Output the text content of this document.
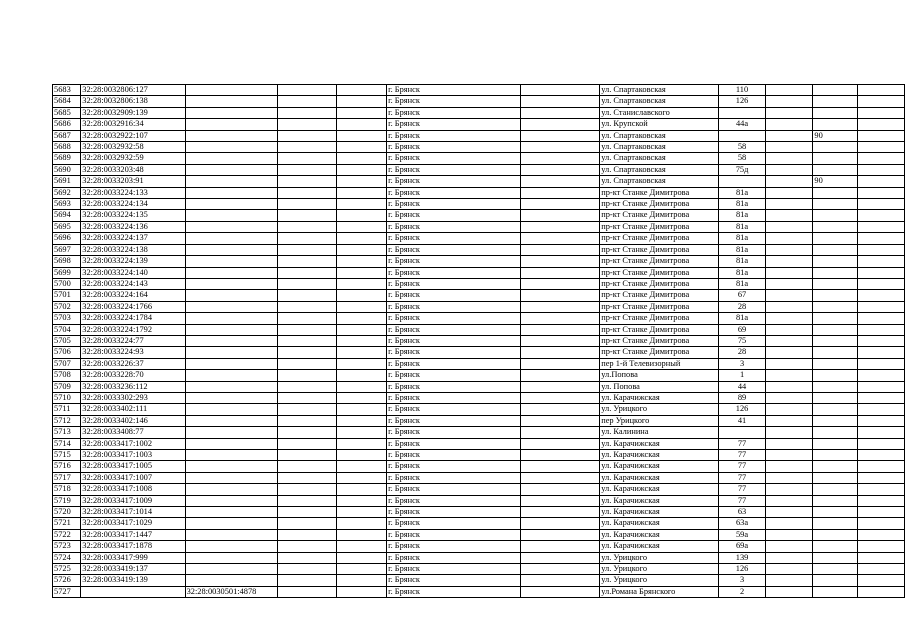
5683	32:28:0032806:127				г. Брянск		ул. Спартаковская	110			
5684	32:28:0032806:138				г. Брянск		ул. Спартаковская	126			
5685	32:28:0032909:139				г. Брянск		ул. Станиславского				
5686	32:28:0032916:34				г. Брянск		ул. Крупской	44а			
5687	32:28:0032922:107				г. Брянск		ул. Спартаковская			90	
5688	32:28:0032932:58				г. Брянск		ул. Спартаковская	58			
5689	32:28:0032932:59				г. Брянск		ул. Спартаковская	58			
5690	32:28:0033203:48				г. Брянск		ул. Спартаковская	75д			
5691	32:28:0033203:91				г. Брянск		ул. Спартаковская			90	
5692	32:28:0033224:133				г. Брянск		пр-кт Станке Димитрова	81а			
5693	32:28:0033224:134				г. Брянск		пр-кт Станке Димитрова	81а			
5694	32:28:0033224:135				г. Брянск		пр-кт Станке Димитрова	81а			
5695	32:28:0033224:136				г. Брянск		пр-кт Станке Димитрова	81а			
5696	32:28:0033224:137				г. Брянск		пр-кт Станке Димитрова	81а			
5697	32:28:0033224:138				г. Брянск		пр-кт Станке Димитрова	81а			
5698	32:28:0033224:139				г. Брянск		пр-кт Станке Димитрова	81а			
5699	32:28:0033224:140				г. Брянск		пр-кт Станке Димитрова	81а			
5700	32:28:0033224:143				г. Брянск		пр-кт Станке Димитрова	81а			
5701	32:28:0033224:164				г. Брянск		пр-кт Станке Димитрова	67			
5702	32:28:0033224:1766				г. Брянск		пр-кт Станке Димитрова	28			
5703	32:28:0033224:1784				г. Брянск		пр-кт Станке Димитрова	81а			
5704	32:28:0033224:1792				г. Брянск		пр-кт Станке Димитрова	69			
5705	32:28:0033224:77				г. Брянск		пр-кт Станке Димитрова	75			
5706	32:28:0033224:93				г. Брянск		пр-кт Станке Димитрова	28			
5707	32:28:0033226:37				г. Брянск		пер 1-й Телевизорный	3			
5708	32:28:0033228:70				г. Брянск		ул.Попова	1			
5709	32:28:0033236:112				г. Брянск		ул. Попова	44			
5710	32:28:0033302:293				г. Брянск		ул. Карачижская	89			
5711	32:28:0033402:111				г. Брянск		ул. Урицкого	126			
5712	32:28:0033402:146				г. Брянск		пер Урицкого	41			
5713	32:28:0033408:77				г. Брянск		ул. Калинина				
5714	32:28:0033417:1002				г. Брянск		ул. Карачижская	77			
5715	32:28:0033417:1003				г. Брянск		ул. Карачижская	77			
5716	32:28:0033417:1005				г. Брянск		ул. Карачижская	77			
5717	32:28:0033417:1007				г. Брянск		ул. Карачижская	77			
5718	32:28:0033417:1008				г. Брянск		ул. Карачижская	77			
5719	32:28:0033417:1009				г. Брянск		ул. Карачижская	77			
5720	32:28:0033417:1014				г. Брянск		ул. Карачижская	63			
5721	32:28:0033417:1029				г. Брянск		ул. Карачижская	63а			
5722	32:28:0033417:1447				г. Брянск		ул. Карачижская	59а			
5723	32:28:0033417:1878				г. Брянск		ул. Карачижская	69а			
5724	32:28:0033417:999				г. Брянск		ул. Урицкого	139			
5725	32:28:0033419:137				г. Брянск		ул. Урицкого	126			
5726	32:28:0033419:139				г. Брянск		ул. Урицкого	3			
5727		32:28:0030501:4878			г. Брянск		ул.Романа Брянского	2			
